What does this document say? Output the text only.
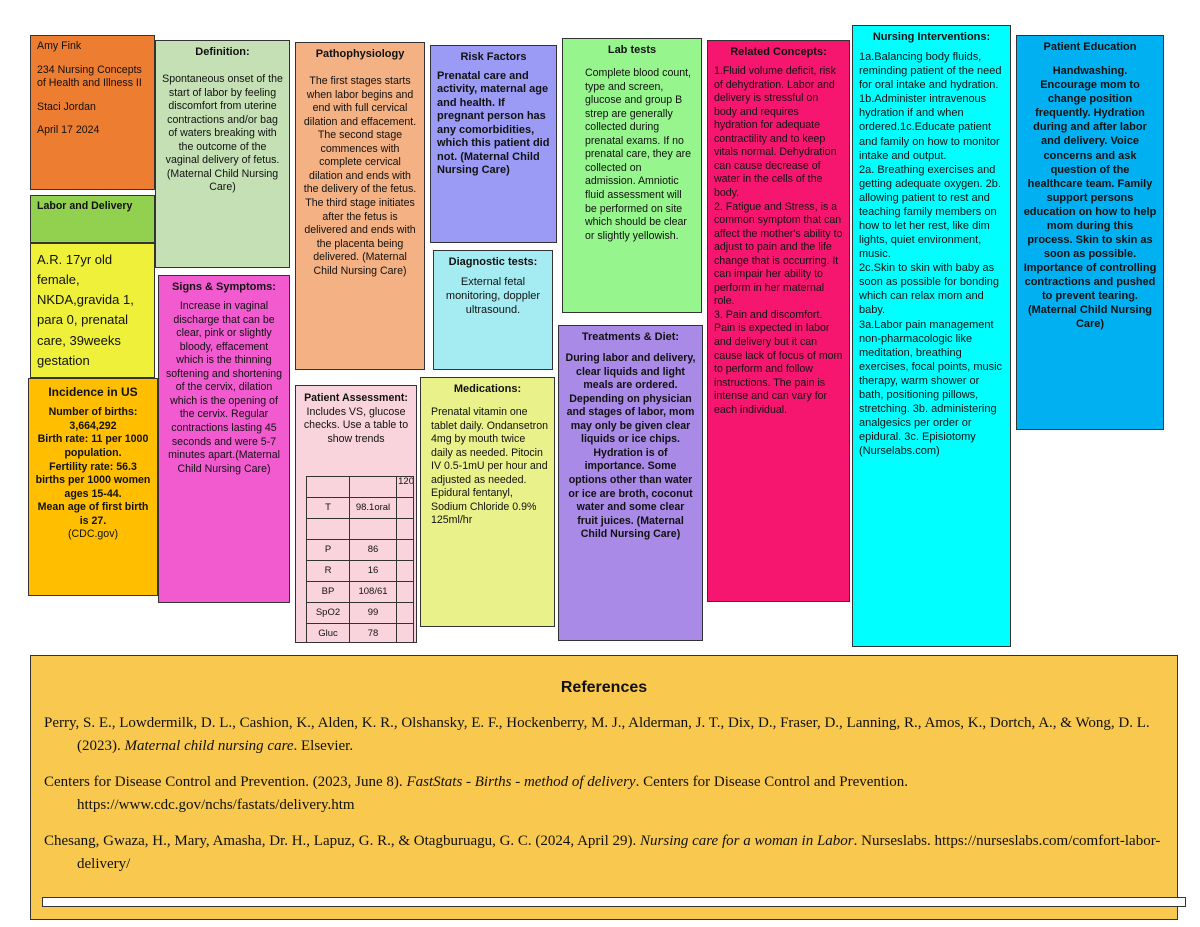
Amy Fink
234 Nursing Concepts of Health and Illness II
Staci Jordan
April 17 2024
Labor and Delivery
A.R. 17yr old female, NKDA,gravida 1, para 0, prenatal care, 39weeks gestation
Incidence in US
Number of births: 3,664,292
Birth rate: 11 per 1000 population.
Fertility rate: 56.3 births per 1000 women ages 15-44.
Mean age of first birth is 27.
(CDC.gov)
Definition:
Spontaneous onset of the start of labor by feeling discomfort from uterine contractions and/or bag of waters breaking with the outcome of the vaginal delivery of fetus. (Maternal Child Nursing Care)
Signs & Symptoms:
Increase in vaginal discharge that can be clear, pink or slightly bloody, effacement which is the thinning softening and shortening of the cervix, dilation which is the opening of the cervix. Regular contractions lasting 45 seconds and were 5-7 minutes apart.(Maternal Child Nursing Care)
Pathophysiology
The first stages starts when labor begins and end with full cervical dilation and effacement. The second stage commences with complete cervical dilation and ends with the delivery of the fetus. The third stage initiates after the fetus is delivered and ends with the placenta being delivered. (Maternal Child Nursing Care)
Patient Assessment:
Includes VS, glucose checks. Use a table to show trends
120

T	98.1oral	

P	86	
R	16	
BP	108/61	
SpO2	99	
Gluc	78	
Risk Factors
Prenatal care and activity, maternal age and health. If pregnant person has any comorbidities, which this patient did not. (Maternal Child Nursing Care)
Diagnostic tests:
External fetal monitoring, doppler ultrasound.
Medications:
Prenatal vitamin one tablet daily. Ondansetron 4mg by mouth twice daily as needed. Pitocin IV 0.5-1mU per hour and adjusted as needed. Epidural fentanyl, Sodium Chloride 0.9% 125ml/hr
Lab tests
Complete blood count, type and screen, glucose and group B strep are generally collected during prenatal exams. If no prenatal care, they are collected on admission. Amniotic fluid assessment will be performed on site which should be clear or slightly yellowish.
Treatments & Diet:
During labor and delivery, clear liquids and light meals are ordered. Depending on physician and stages of labor, mom may only be given clear liquids or ice chips. Hydration is of importance. Some options other than water or ice are broth, coconut water and some clear fruit juices. (Maternal Child Nursing Care)
Related Concepts:
1.Fluid volume deficit, risk of dehydration. Labor and delivery is stressful on body and requires hydration for adequate contractility and to keep vitals normal. Dehydration can cause decrease of water in the cells of the body.
2. Fatigue and Stress, is a common symptom that can affect the mother's ability to adjust to pain and the life change that is occurring. It can impair her ability to perform in her maternal role.
3. Pain and discomfort. Pain is expected in labor and delivery but it can cause lack of focus of mom to perform and follow instructions. The pain is intense and can vary for each individual.
Nursing Interventions:
1a.Balancing body fluids, reminding patient of the need for oral intake and hydration. 1b.Administer intravenous hydration if and when ordered.1c.Educate patient and family on how to monitor intake and output.
2a. Breathing exercises and getting adequate oxygen. 2b. allowing patient to rest and teaching family members on how to let her rest, like dim lights, quiet environment, music.
2c.Skin to skin with baby as soon as possible for bonding which can relax mom and baby.
3a.Labor pain management non-pharmacologic like meditation, breathing exercises, focal points, music therapy, warm shower or bath, positioning pillows, stretching. 3b. administering analgesics per order or epidural. 3c. Episiotomy (Nurselabs.com)
Patient Education
Handwashing. Encourage mom to change position frequently. Hydration during and after labor and delivery. Voice concerns and ask question of the healthcare team. Family support persons education on how to help mom during this process. Skin to skin as soon as possible. Importance of controlling contractions and pushed to prevent tearing. (Maternal Child Nursing Care)
References
Perry, S. E., Lowdermilk, D. L., Cashion, K., Alden, K. R., Olshansky, E. F., Hockenberry, M. J., Alderman, J. T., Dix, D., Fraser, D., Lanning, R., Amos, K., Dortch, A., & Wong, D. L. (2023). Maternal child nursing care. Elsevier.
Centers for Disease Control and Prevention. (2023, June 8). FastStats - Births - method of delivery. Centers for Disease Control and Prevention. https://www.cdc.gov/nchs/fastats/delivery.htm
Chesang, Gwaza, H., Mary, Amasha, Dr. H., Lapuz, G. R., & Otagburuagu, G. C. (2024, April 29). Nursing care for a woman in Labor. Nurseslabs. https://nurseslabs.com/comfort-labor-delivery/
